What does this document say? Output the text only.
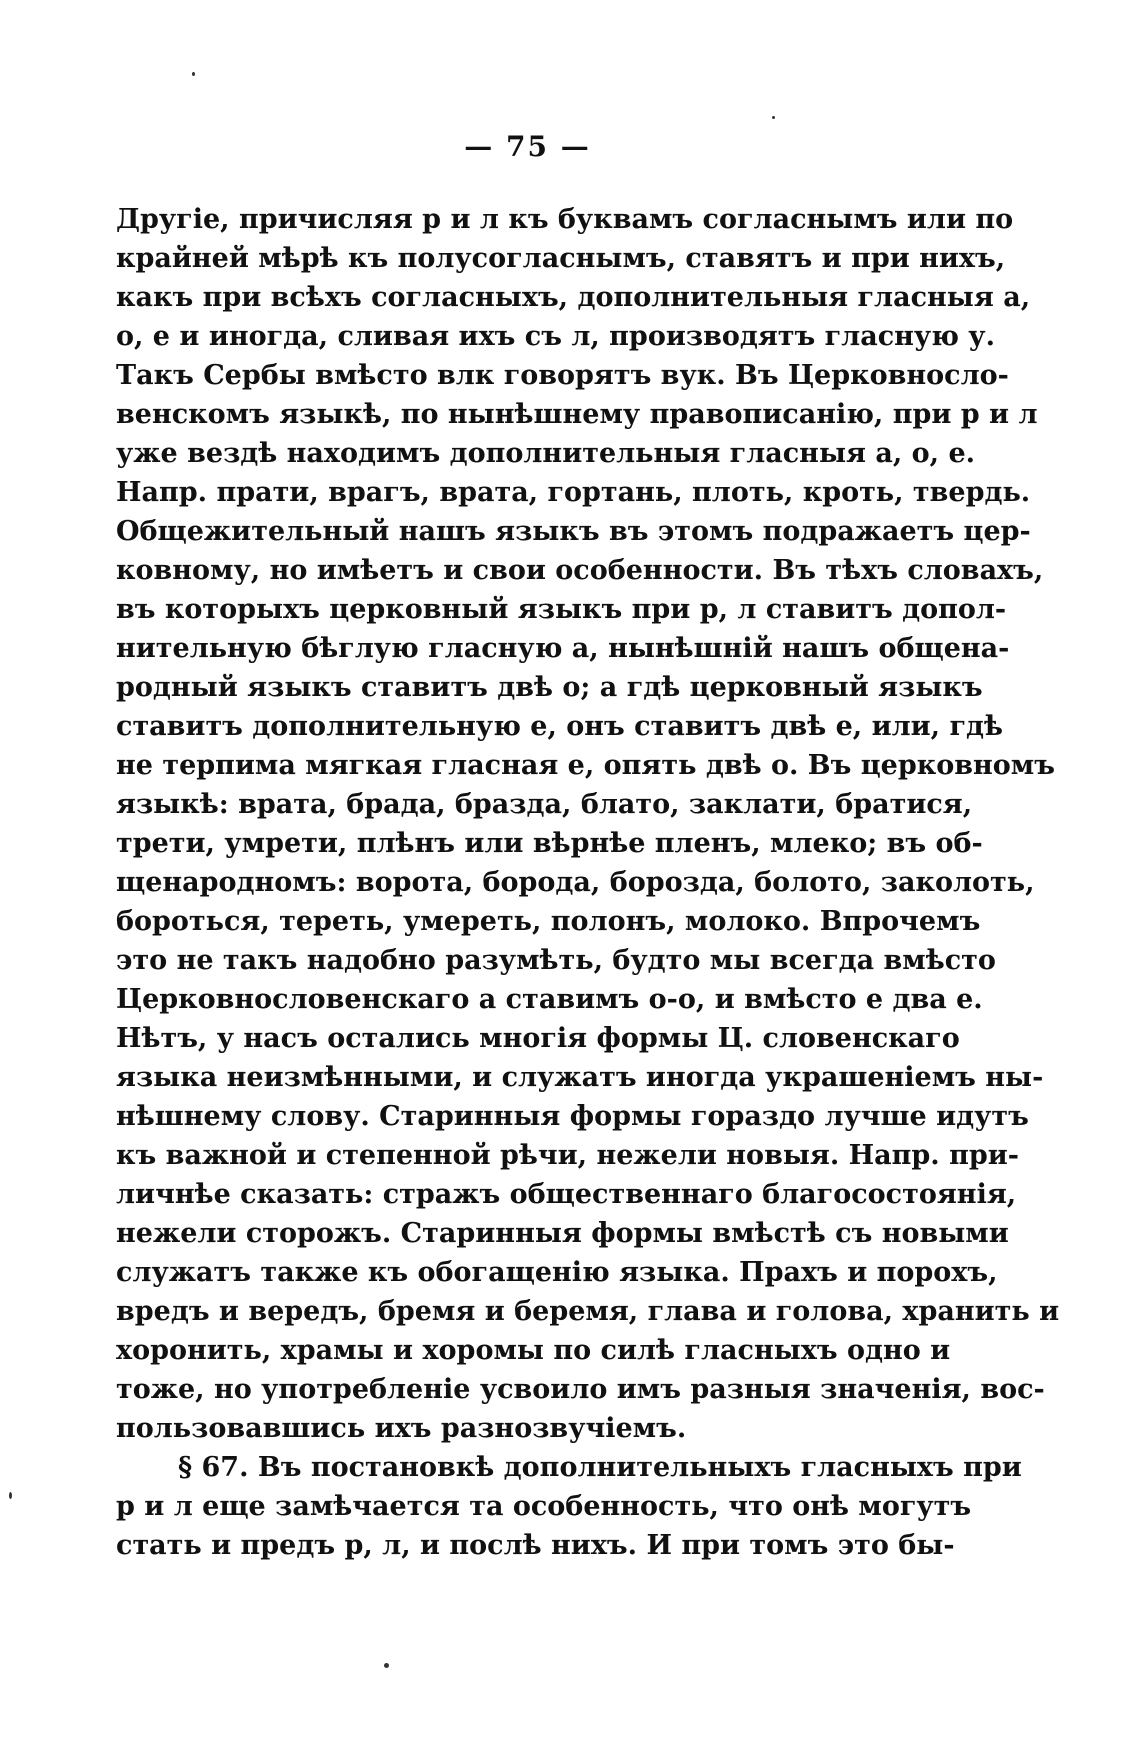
— 75 —

Другіе, причисляя р и л къ буквамъ согласнымъ или по
крайней мѣрѣ къ полусогласнымъ, ставятъ и при нихъ,
какъ при всѣхъ согласныхъ, дополнительныя гласныя а,
о, е и иногда, сливая ихъ съ л, производятъ гласную у.
Такъ Сербы вмѣсто влк говорятъ вук. Въ Церковносло-
венскомъ языкѣ, по нынѣшнему правописанію, при р и л
уже вездѣ находимъ дополнительныя гласныя а, о, е.
Напр. прати, врагъ, врата, гортань, плоть, кроть, твердь.
Общежительный нашъ языкъ въ этомъ подражаетъ цер-
ковному, но имѣетъ и свои особенности. Въ тѣхъ словахъ,
въ которыхъ церковный языкъ при р, л ставитъ допол-
нительную бѣглую гласную а, нынѣшній нашъ общена-
родный языкъ ставитъ двѣ о; а гдѣ церковный языкъ
ставитъ дополнительную е, онъ ставитъ двѣ е, или, гдѣ
не терпима мягкая гласная е, опять двѣ о. Въ церковномъ
языкѣ: врата, брада, бразда, блато, заклати, братися,
трети, умрети, плѣнъ или вѣрнѣе пленъ, млеко; въ об-
щенародномъ: ворота, борода, борозда, болото, заколоть,
бороться, тереть, умереть, полонъ, молоко. Впрочемъ
это не такъ надобно разумѣть, будто мы всегда вмѣсто
Церковнословенскаго а ставимъ о-о, и вмѣсто е два е.
Нѣтъ, у насъ остались многія формы Ц. словенскаго
языка неизмѣнными, и служатъ иногда украшеніемъ ны-
нѣшнему слову. Старинныя формы гораздо лучше идутъ
къ важной и степенной рѣчи, нежели новыя. Напр. при-
личнѣе сказать: стражъ общественнаго благосостоянія,
нежели сторожъ. Старинныя формы вмѣстѣ съ новыми
служатъ также къ обогащенію языка. Прахъ и порохъ,
вредъ и вередъ, бремя и беремя, глава и голова, хранить и
хоронить, храмы и хоромы по силѣ гласныхъ одно и
тоже, но употребленіе усвоило имъ разныя значенія, вос-
пользовавшись ихъ разнозвучіемъ.

§ 67. Въ постановкѣ дополнительныхъ гласныхъ при
р и л еще замѣчается та особенность, что онѣ могутъ
стать и предъ р, л, и послѣ нихъ. И при томъ это бы-
